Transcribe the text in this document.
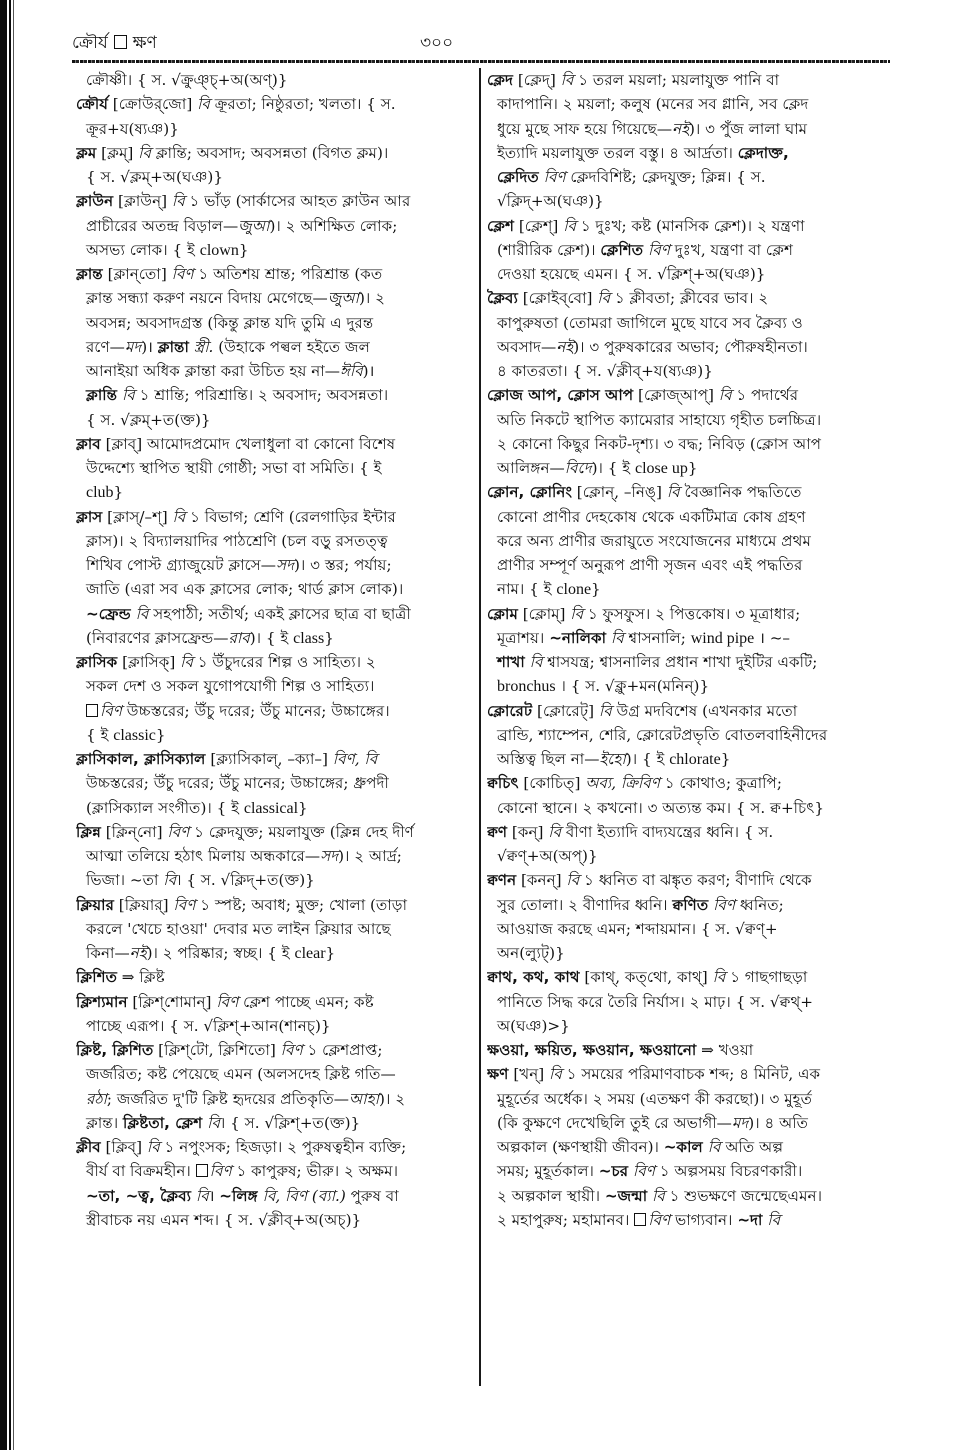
ক্রৌর্য ক্ষণ	৩০০
ক্রৌষ্ণী। { স. √ক্রুঞ্চ্+অ(অণ্)}
ক্রৌর্য [ক্রোউর্‌জো] বি ক্রূরতা; নিষ্ঠুরতা; খলতা। { স.
ক্রূর+য(ষ্যঞ)}
ক্লম [ক্লম্] বি ক্লান্তি; অবসাদ; অবসন্নতা (বিগত ক্লম)।
{ স. √ক্লম্+অ(ঘঞ)}
ক্লাউন [ক্লাউন্] বি ১ ভাঁড় (সার্কাসের আহত ক্লাউন আর
প্রাচীরের অতন্দ্র বিড়াল—জুআ)। ২ অশিক্ষিত লোক;
অসভ্য লোক। { ই clown}
ক্লান্ত [ক্লান্‌তো] বিণ ১ অতিশয় শ্রান্ত; পরিশ্রান্ত (কত
ক্লান্ত সন্ধ্যা করুণ নয়নে বিদায় মেগেছে—জুআ)। ২
অবসন্ন; অবসাদগ্রস্ত (কিন্তু ক্লান্ত যদি তুমি এ দুরন্ত
রণে—মদ)। ক্লান্তা স্ত্রী. (উহাকে পল্বল হইতে জল
আনাইয়া অধিক ক্লান্তা করা উচিত হয় না—ঈবি)।
ক্লান্তি বি ১ শ্রান্তি; পরিশ্রান্তি। ২ অবসাদ; অবসন্নতা।
{ স. √ক্লম্+ত(ক্ত)}
ক্লাব [ক্লাব্] আমোদপ্রমোদ খেলাধুলা বা কোনো বিশেষ
উদ্দেশ্যে স্থাপিত স্থায়ী গোষ্ঠী; সভা বা সমিতি। { ই
club}
ক্লাস [ক্লাস্/–শ্] বি ১ বিভাগ; শ্রেণি (রেলগাড়ির ইন্টার
ক্লাস)। ২ বিদ্যালয়াদির পাঠশ্রেণি (চল বড়ু রসতত্ত্ব
শিখিব পোস্ট গ্র্যাজুয়েট ক্লাসে—সদ)। ৩ স্তর; পর্যায়;
জাতি (এরা সব এক ক্লাসের লোক; থার্ড ক্লাস লোক)।
~ফ্রেন্ড বি সহপাঠী; সতীর্থ; একই ক্লাসের ছাত্র বা ছাত্রী
(নিবারণের ক্লাসফ্রেন্ড—রাব)। { ই class}
ক্লাসিক [ক্লাসিক্] বি ১ উঁচুদরের শিল্প ও সাহিত্য। ২
সকল দেশ ও সকল যুগোপযোগী শিল্প ও সাহিত্য।
বিণ উচ্চস্তরের; উঁচু দরের; উঁচু মানের; উচ্চাঙ্গের।
{ ই classic}
ক্লাসিকাল, ক্লাসিক্যাল [ক্ল্যাসিকাল্, –ক্যা–] বিণ, বি
উচ্চস্তরের; উঁচু দরের; উঁচু মানের; উচ্চাঙ্গের; ধ্রুপদী
(ক্লাসিক্যাল সংগীত)। { ই classical}
ক্লিন্ন [ক্লিন্‌নো] বিণ ১ ক্লেদযুক্ত; ময়লাযুক্ত (ক্লিন্ন দেহ দীর্ণ
আত্মা তলিয়ে হঠাৎ মিলায় অন্ধকারে—সদ)। ২ আর্দ্র;
ভিজা। ~তা বি। { স. √ক্লিদ্+ত(ক্ত)}
ক্লিয়ার [ক্লিয়ার্] বিণ ১ স্পষ্ট; অবাধ; মুক্ত; খোলা (তাড়া
করলে 'খেচে হাওয়া' দেবার মত লাইন ক্লিয়ার আছে
কিনা—নই)। ২ পরিষ্কার; স্বচ্ছ। { ই clear}
ক্লিশিত ⇒ ক্লিষ্ট
ক্লিশ্যমান [ক্লিশ্‌শোমান্] বিণ ক্লেশ পাচ্ছে এমন; কষ্ট
পাচ্ছে এরূপ। { স. √ক্লিশ্+আন(শানচ্)}
ক্লিষ্ট, ক্লিশিত [ক্লিশ্‌টো, ক্লিশিতো] বিণ ১ ক্লেশপ্রাপ্ত;
জর্জরিত; কষ্ট পেয়েছে এমন (অলসদেহ ক্লিষ্ট গতি—
রঠা; জর্জরিত দু'টি ক্লিষ্ট হৃদয়ের প্রতিকৃতি—আহা)। ২
ক্লান্ত। ক্লিষ্টতা, ক্লেশ বি। { স. √ক্লিশ্+ত(ক্ত)}
ক্লীব [ক্লিব্] বি ১ নপুংসক; হিজড়া। ২ পুরুষত্বহীন ব্যক্তি;
বীর্য বা বিক্রমহীন। বিণ ১ কাপুরুষ; ভীরু। ২ অক্ষম।
~তা, ~ত্ব, ক্লৈব্য বি। ~লিঙ্গ বি, বিণ (ব্যা.) পুরুষ বা
স্ত্রীবাচক নয় এমন শব্দ। { স. √ক্লীব্+অ(অচ্)}
ক্লেদ [ক্লেদ্] বি ১ তরল ময়লা; ময়লাযুক্ত পানি বা
কাদাপানি। ২ ময়লা; কলুষ (মনের সব গ্লানি, সব ক্লেদ
ধুয়ে মুছে সাফ হয়ে গিয়েছে—নই)। ৩ পুঁজ লালা ঘাম
ইত্যাদি ময়লাযুক্ত তরল বস্তু। ৪ আর্দ্রতা। ক্লেদাক্ত,
ক্লেদিত বিণ ক্লেদবিশিষ্ট; ক্লেদযুক্ত; ক্লিন্ন। { স.
√ক্লিদ্+অ(ঘঞ)}
ক্লেশ [ক্লেশ্] বি ১ দুঃখ; কষ্ট (মানসিক ক্লেশ)। ২ যন্ত্রণা
(শারীরিক ক্লেশ)। ক্লেশিত বিণ দুঃখ, যন্ত্রণা বা ক্লেশ
দেওয়া হয়েছে এমন। { স. √ক্লিশ্+অ(ঘঞ)}
ক্লৈব্য [ক্লোইব্‌বো] বি ১ ক্লীবতা; ক্লীবের ভাব। ২
কাপুরুষতা (তোমরা জাগিলে মুছে যাবে সব ক্লৈব্য ও
অবসাদ—নই)। ৩ পুরুষকারের অভাব; পৌরুষহীনতা।
৪ কাতরতা। { স. √ক্লীব্+য(ষ্যঞ)}
ক্লোজ আপ, ক্লোস আপ [ক্লোজ্‌আপ্] বি ১ পদার্থের
অতি নিকটে স্থাপিত ক্যামেরার সাহায্যে গৃহীত চলচ্চিত্র।
২ কোনো কিছুর নিকট-দৃশ্য। ৩ বদ্ধ; নিবিড় (ক্লোস আপ
আলিঙ্গন—বিদে)। { ই close up}
ক্লোন, ক্লোনিং [ক্লোন্, –নিঙ্] বি বৈজ্ঞানিক পদ্ধতিতে
কোনো প্রাণীর দেহকোষ থেকে একটিমাত্র কোষ গ্রহণ
করে অন্য প্রাণীর জরায়ুতে সংযোজনের মাধ্যমে প্রথম
প্রাণীর সম্পূর্ণ অনুরূপ প্রাণী সৃজন এবং এই পদ্ধতির
নাম। { ই clone}
ক্লোম [ক্লোম্] বি ১ ফুসফুস। ২ পিত্তকোষ। ৩ মূত্রাধার;
মূত্রাশয়। ~নালিকা বি শ্বাসনালি; wind pipe । ~–
শাখা বি শ্বাসযন্ত্র; শ্বাসনালির প্রধান শাখা দুইটির একটি;
bronchus । { স. √ক্লু+মন(মনিন্)}
ক্লোরেট [ক্লোরেট্] বি উগ্র মদবিশেষ (এখনকার মতো
ব্রান্ডি, শ্যাম্পেন, শেরি, ক্লোরেটপ্রভৃতি বোতলবাহিনীদের
অস্তিত্ব ছিল না—ইহো)। { ই chlorate}
ক্বচিৎ [কোচিত্] অব্য, ক্রিবিণ ১ কোথাও; কুত্রাপি;
কোনো স্থানে। ২ কখনো। ৩ অত্যন্ত কম। { স. ক্ব+চিৎ}
ক্বণ [কন্] বি বীণা ইত্যাদি বাদ্যযন্ত্রের ধ্বনি। { স.
√ক্বণ্+অ(অপ্)}
ক্বণন [কনন্] বি ১ ধ্বনিত বা ঝঙ্কৃত করণ; বীণাদি থেকে
সুর তোলা। ২ বীণাদির ধ্বনি। ক্বণিত বিণ ধ্বনিত;
আওয়াজ করছে এমন; শব্দায়মান। { স. √ক্বণ্+
অন(ল্যুট্)}
ক্বাথ, কথ, কাথ [কাথ্, কত্‌থো, কাথ্] বি ১ গাছগাছড়া
পানিতে সিদ্ধ করে তৈরি নির্যাস। ২ মাঢ়। { স. √ক্বথ্+
অ(ঘঞ)>}
ক্ষওয়া, ক্ষয়িত, ক্ষওয়ান, ক্ষওয়ানো ⇒ খওয়া
ক্ষণ [খন্] বি ১ সময়ের পরিমাণবাচক শব্দ; ৪ মিনিট, এক
মুহূর্তের অর্ধেক। ২ সময় (এতক্ষণ কী করছো)। ৩ মুহূর্ত
(কি কুক্ষণে দেখেছিলি তুই রে অভাগী—মদ)। ৪ অতি
অল্পকাল (ক্ষণস্থায়ী জীবন)। ~কাল বি অতি অল্প
সময়; মুহূর্তকাল। ~চর বিণ ১ অল্পসময় বিচরণকারী।
২ অল্পকাল স্থায়ী। ~জন্মা বি ১ শুভক্ষণে জন্মেছেএমন।
২ মহাপুরুষ; মহামানব। বিণ ভাগ্যবান। ~দা বি
